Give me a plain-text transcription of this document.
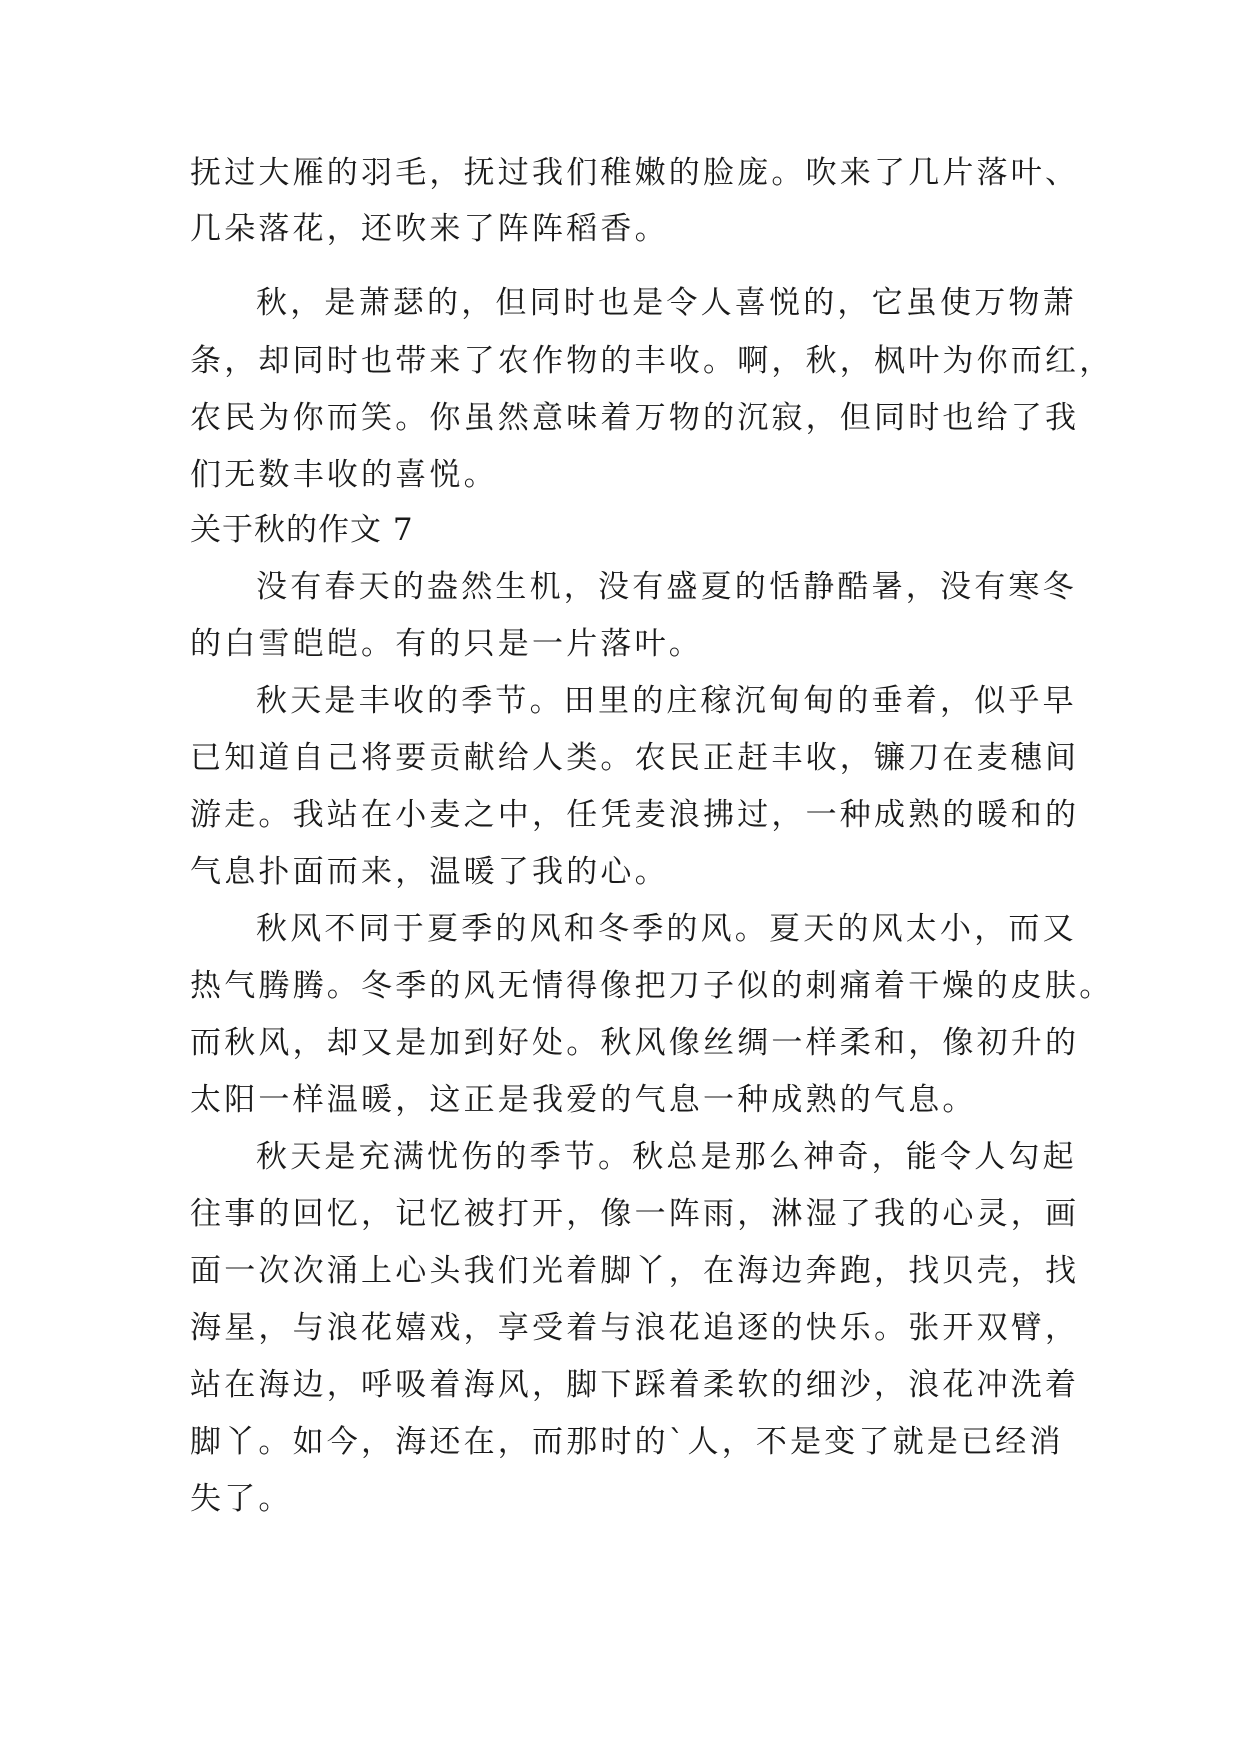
抚过大雁的羽毛，抚过我们稚嫩的脸庞。吹来了几片落叶、
几朵落花，还吹来了阵阵稻香。
秋，是萧瑟的，但同时也是令人喜悦的，它虽使万物萧
条，却同时也带来了农作物的丰收。啊，秋，枫叶为你而红，
农民为你而笑。你虽然意味着万物的沉寂，但同时也给了我
们无数丰收的喜悦。
关于秋的作文 7
没有春天的盎然生机，没有盛夏的恬静酷暑，没有寒冬
的白雪皑皑。有的只是一片落叶。
秋天是丰收的季节。田里的庄稼沉甸甸的垂着，似乎早
已知道自己将要贡献给人类。农民正赶丰收，镰刀在麦穗间
游走。我站在小麦之中，任凭麦浪拂过，一种成熟的暖和的
气息扑面而来，温暖了我的心。
秋风不同于夏季的风和冬季的风。夏天的风太小，而又
热气腾腾。冬季的风无情得像把刀子似的刺痛着干燥的皮肤。
而秋风，却又是加到好处。秋风像丝绸一样柔和，像初升的
太阳一样温暖，这正是我爱的气息一种成熟的气息。
秋天是充满忧伤的季节。秋总是那么神奇，能令人勾起
往事的回忆，记忆被打开，像一阵雨，淋湿了我的心灵，画
面一次次涌上心头我们光着脚丫，在海边奔跑，找贝壳，找
海星，与浪花嬉戏，享受着与浪花追逐的快乐。张开双臂，
站在海边，呼吸着海风，脚下踩着柔软的细沙，浪花冲洗着
脚丫。如今，海还在，而那时的`人，不是变了就是已经消
失了。
